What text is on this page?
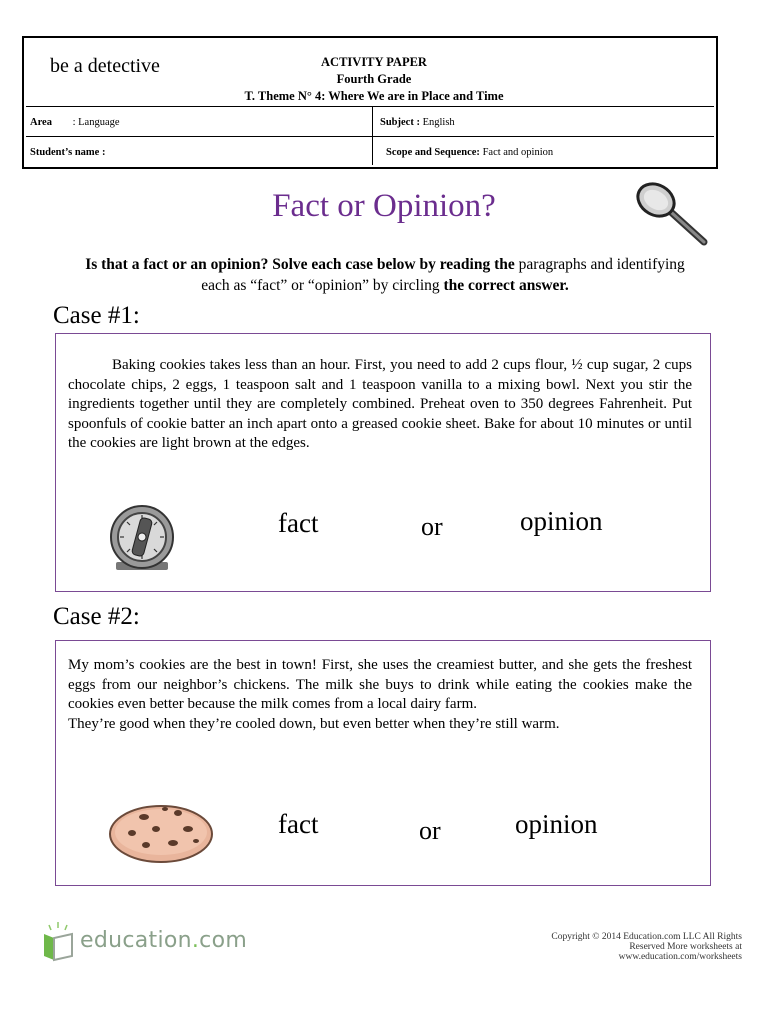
be a detective	ACTIVITY PAPER
Fourth Grade
T. Theme N° 4: Where We are in Place and Time
Area : Language	Subject : English
Student’s name :	Scope and Sequence: Fact and opinion
Fact or Opinion?
Is that a fact or an opinion? Solve each case below by reading the paragraphs and identifying each as “fact” or “opinion” by circling the correct answer.
Case #1:
Baking cookies takes less than an hour. First, you need to add 2 cups flour, ½ cup sugar, 2 cups chocolate chips, 2 eggs, 1 teaspoon salt and 1 teaspoon vanilla to a mixing bowl. Next you stir the ingredients together until they are completely combined. Preheat oven to 350 degrees Fahrenheit. Put spoonfuls of cookie batter an inch apart onto a greased cookie sheet. Bake for about 10 minutes or until the cookies are light brown at the edges.
fact	or	opinion
Case #2:
My mom’s cookies are the best in town! First, she uses the creamiest butter, and she gets the freshest eggs from our neighbor’s chickens. The milk she buys to drink while eating the cookies make the cookies even better because the milk comes from a local dairy farm.
They’re good when they’re cooled down, but even better when they’re still warm.
fact	or	opinion
education.com	Copyright © 2014 Education.com LLC All Rights
Reserved More worksheets at
www.education.com/worksheets
